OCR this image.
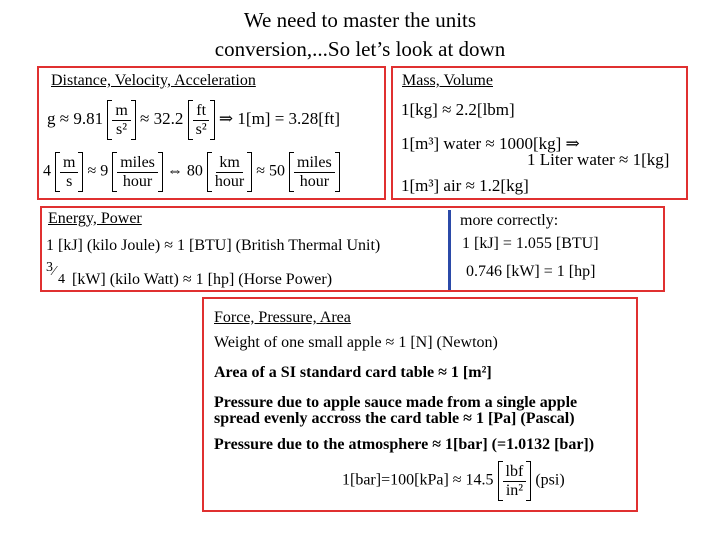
We need to master the units
conversion,...So let’s look at down
Distance, Velocity, Acceleration
$g \approx 9.81 \frac{m}{\text{s²}} \approx 32.2 \frac{ft}{\text{s²}}$ ⇒ 1[m] = 3.28[ft]
$4 \frac{m}{s} \approx 9 \frac{\text{miles}}{\text{hour}}$ ⇔ $80 \frac{km}{\text{hour}} \approx 50 \frac{\text{miles}}{\text{hour}}$
Mass, Volume
1[kg] ≈ 2.2[lbm]
1[m³] water ≈ 1000[kg] ⇒
1 Liter water ≈ 1[kg]
1[m³] air ≈ 1.2[kg]
Energy, Power
1 [kJ] (kilo Joule) ≈ 1 [BTU] (British Thermal Unit)
3 ⁄
4 [kW] (kilo Watt) ≈ 1 [hp] (Horse Power)
more correctly:
1 [kJ] = 1.055 [BTU]
0.746 [kW] = 1 [hp]
Force, Pressure, Area
Weight of one small apple ≈ 1 [N] (Newton)
Area of a SI standard card table ≈ 1 [m²]
Pressure due to apple sauce made from a single apple
spread evenly accross the card table ≈ 1 [Pa] (Pascal)
Pressure due to the atmosphere ≈ 1[bar] (=1.0132 [bar])
$1[bar]=100[kPa] \approx 14.5 \frac{\text{lbf}}{\text{in²}} (psi)$
